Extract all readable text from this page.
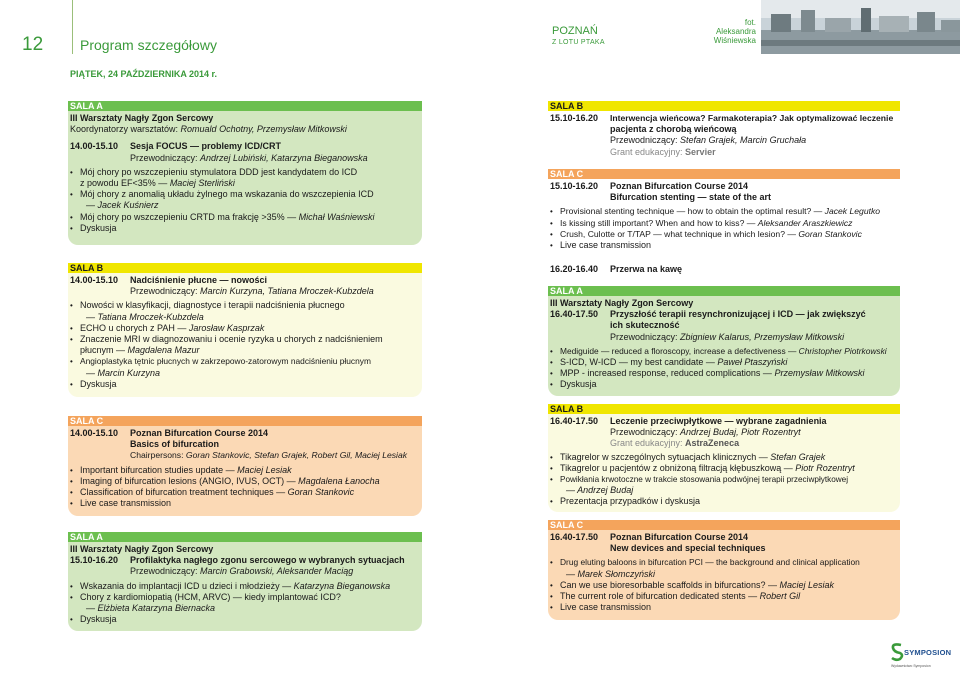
12	Program szczegółowy
POZNAŃ
Z LOTU PTAKA
fot.
Aleksandra
Wiśniewska
PIĄTEK, 24 PAŹDZIERNIKA 2014 r.
SALA A
III Warsztaty Nagły Zgon Sercowy
Koordynatorzy warsztatów: Romuald Ochotny, Przemysław Mitkowski
14.00-15.10	Sesja FOCUS — problemy ICD/CRT
Przewodniczący: Andrzej Lubiński, Katarzyna Bieganowska
• Mój chory po wszczepieniu stymulatora DDD jest kandydatem do ICD
z powodu EF<35% — Maciej Sterliński
• Mój chory z anomalią układu żylnego ma wskazania do wszczepienia ICD
— Jacek Kuśnierz
• Mój chory po wszczepieniu CRTD ma frakcję >35% — Michał Waśniewski
• Dyskusja
SALA B
14.00-15.10	Nadciśnienie płucne — nowości
Przewodniczący: Marcin Kurzyna, Tatiana Mroczek-Kubzdela
• Nowości w klasyfikacji, diagnostyce i terapii nadciśnienia płucnego
— Tatiana Mroczek-Kubzdela
• ECHO u chorych z PAH — Jarosław Kasprzak
• Znaczenie MRI w diagnozowaniu i ocenie ryzyka u chorych z nadciśnieniem
płucnym — Magdalena Mazur
• Angioplastyka tętnic płucnych w zakrzepowo-zatorowym nadciśnieniu płucnym
— Marcin Kurzyna
• Dyskusja
SALA C
14.00-15.10	Poznan Bifurcation Course 2014
Basics of bifurcation
Chairpersons: Goran Stankovic, Stefan Grajek, Robert Gil, Maciej Lesiak
• Important bifurcation studies update — Maciej Lesiak
• Imaging of bifurcation lesions (ANGIO, IVUS, OCT) — Magdalena Łanocha
• Classification of bifurcation treatment techniques — Goran Stankovic
• Live case transmission
SALA A
III Warsztaty Nagły Zgon Sercowy
15.10-16.20	Profilaktyka nagłego zgonu sercowego w wybranych sytuacjach
Przewodniczący: Marcin Grabowski, Aleksander Maciąg
• Wskazania do implantacji ICD u dzieci i młodzieży — Katarzyna Bieganowska
• Chory z kardiomiopatią (HCM, ARVC) — kiedy implantować ICD?
— Elżbieta Katarzyna Biernacka
• Dyskusja
SALA B
15.10-16.20	Interwencja wieńcowa? Farmakoterapia? Jak optymalizować leczenie
pacjenta z chorobą wieńcową
Przewodniczący: Stefan Grajek, Marcin Gruchała
Grant edukacyjny: Servier
SALA C
15.10-16.20	Poznan Bifurcation Course 2014
Bifurcation stenting — state of the art
• Provisional stenting technique — how to obtain the optimal result? — Jacek Legutko
• Is kissing still important? When and how to kiss? — Aleksander Araszkiewicz
• Crush, Culotte or T/TAP — what technique in which lesion? — Goran Stankovic
• Live case transmission
16.20-16.40 Przerwa na kawę
SALA A
III Warsztaty Nagły Zgon Sercowy
16.40-17.50	Przyszłość terapii resynchronizującej i ICD — jak zwiększyć
ich skuteczność
Przewodniczący: Zbigniew Kalarus, Przemysław Mitkowski
• Mediguide — reduced a floroscopy, increase a defectiveness — Christopher Piotrkowski
• S-ICD, W-ICD — my best candidate — Paweł Ptaszyński
• MPP - increased response, reduced complications — Przemysław Mitkowski
• Dyskusja
SALA B
16.40-17.50	Leczenie przeciwpłytkowe — wybrane zagadnienia
Przewodniczący: Andrzej Budaj, Piotr Rozentryt
Grant edukacyjny: AstraZeneca
• Tikagrelor w szczególnych sytuacjach klinicznych — Stefan Grajek
• Tikagrelor u pacjentów z obniżoną filtracją kłębuszkową — Piotr Rozentryt
• Powikłania krwotoczne w trakcie stosowania podwójnej terapii przeciwpłytkowej
— Andrzej Budaj
• Prezentacja przypadków i dyskusja
SALA C
16.40-17.50	Poznan Bifurcation Course 2014
New devices and special techniques
• Drug eluting baloons in bifurcation PCI — the background and clinical application
— Marek Słomczyński
• Can we use bioresorbable scaffolds in bifurcations? — Maciej Lesiak
• The current role of bifurcation dedicated stents — Robert Gil
• Live case transmission
SYMPOSION
Wydawnictwo Symposion
